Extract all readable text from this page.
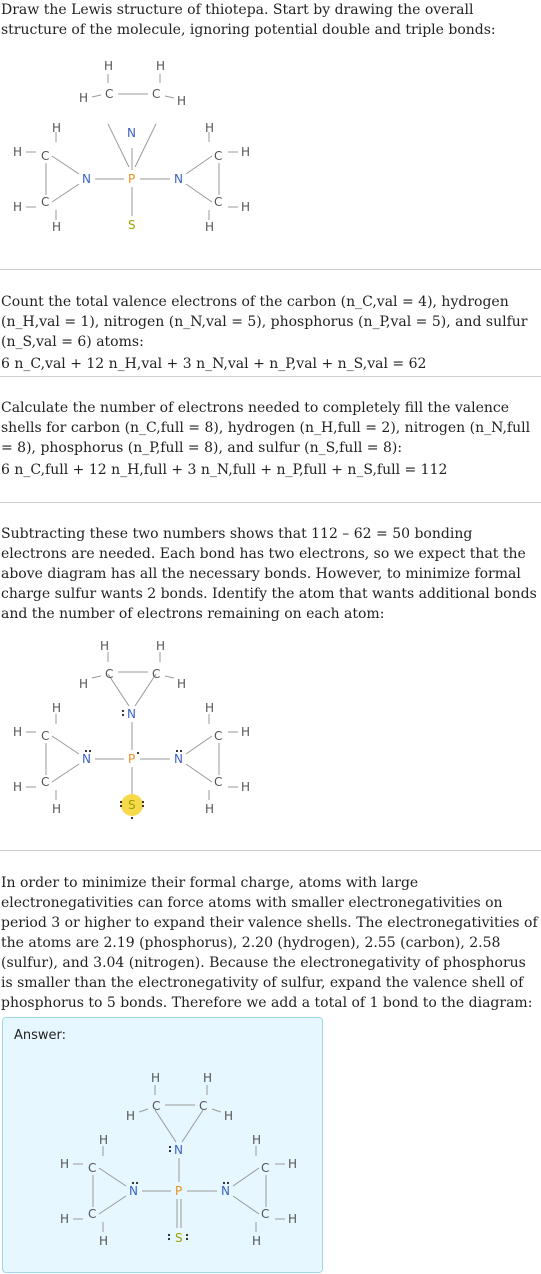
Draw the Lewis structure of thiotepa. Start by drawing the overall structure of the molecule, ignoring potential double and triple bonds:

H	H
H C	C H
N
H
H C
N
H C
H
P
S
N
H
C H
C H
H

Count the total valence electrons of the carbon (n_C,val = 4), hydrogen (n_H,val = 1), nitrogen (n_N,val = 5), phosphorus (n_P,val = 5), and sulfur (n_S,val = 6) atoms:

6 n_C,val + 12 n_H,val + 3 n_N,val + n_P,val + n_S,val = 62

Calculate the number of electrons needed to completely fill the valence shells for carbon (n_C,full = 8), hydrogen (n_H,full = 2), nitrogen (n_N,full = 8), phosphorus (n_P,full = 8), and sulfur (n_S,full = 8):

6 n_C,full + 12 n_H,full + 3 n_N,full + n_P,full + n_S,full = 112

Subtracting these two numbers shows that 112 – 62 = 50 bonding electrons are needed. Each bond has two electrons, so we expect that the above diagram has all the necessary bonds. However, to minimize formal charge sulfur wants 2 bonds. Identify the atom that wants additional bonds and the number of electrons remaining on each atom:

H	H
H
C	C
H
N
H
H C
N
H C
H
P
S
N
H
C H
C H
H

In order to minimize their formal charge, atoms with large electronegativities can force atoms with smaller electronegativities on period 3 or higher to expand their valence shells. The electronegativities of the atoms are 2.19 (phosphorus), 2.20 (hydrogen), 2.55 (carbon), 2.58 (sulfur), and 3.04 (nitrogen). Because the electronegativity of phosphorus is smaller than the electronegativity of sulfur, expand the valence shell of phosphorus to 5 bonds. Therefore we add a total of 1 bond to the diagram:

Answer:
H	H
H
C	C
H
N
H
H C
N
H C
H
P
S
N
H
C H
C H
H
